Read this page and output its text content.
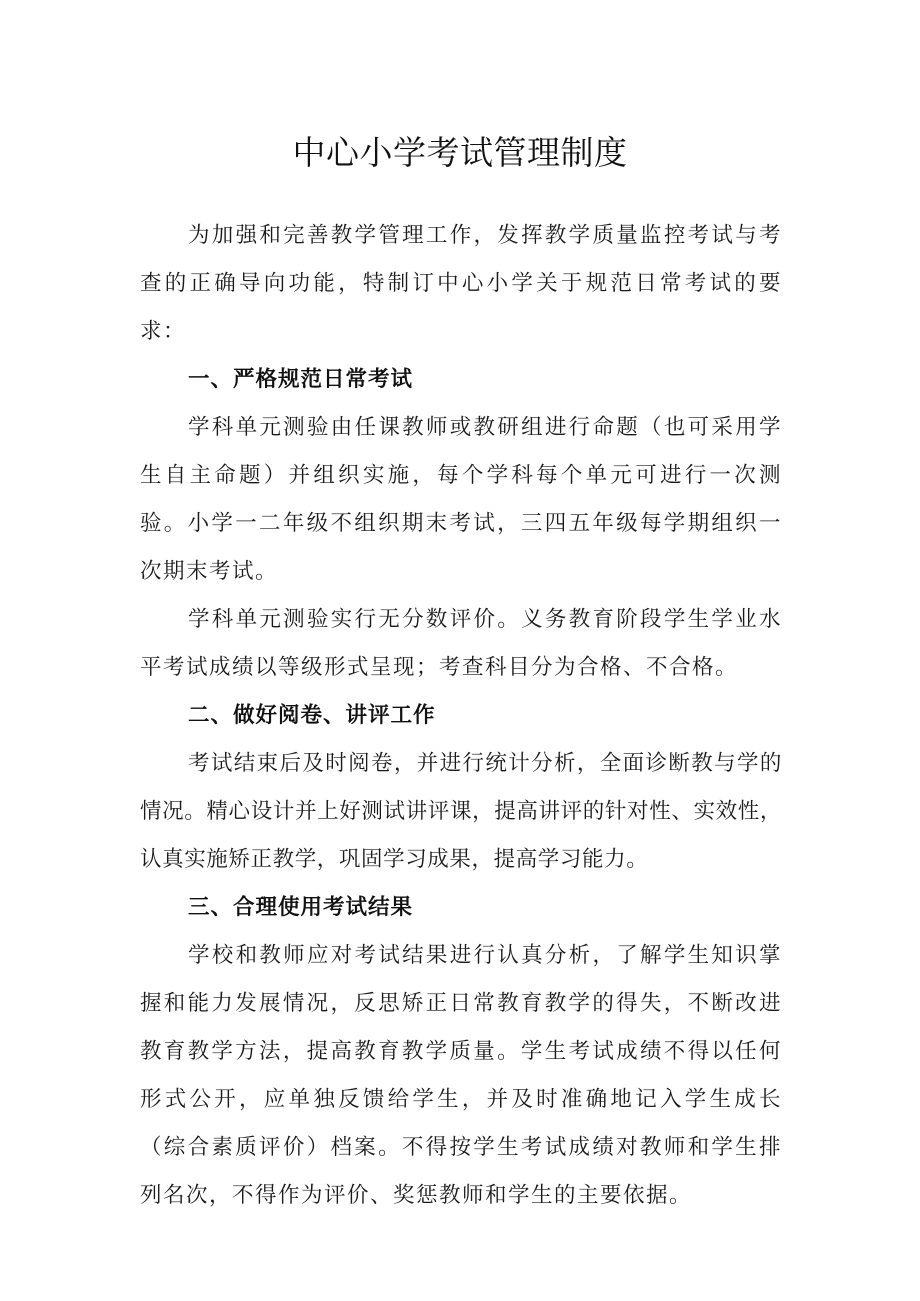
中心小学考试管理制度

为加强和完善教学管理工作，发挥教学质量监控考试与考查的正确导向功能，特制订中心小学关于规范日常考试的要求：

一、严格规范日常考试

学科单元测验由任课教师或教研组进行命题（也可采用学生自主命题）并组织实施，每个学科每个单元可进行一次测验。小学一二年级不组织期末考试，三四五年级每学期组织一次期末考试。

学科单元测验实行无分数评价。义务教育阶段学生学业水平考试成绩以等级形式呈现；考查科目分为合格、不合格。

二、做好阅卷、讲评工作

考试结束后及时阅卷，并进行统计分析，全面诊断教与学的情况。精心设计并上好测试讲评课，提高讲评的针对性、实效性，认真实施矫正教学，巩固学习成果，提高学习能力。

三、合理使用考试结果

学校和教师应对考试结果进行认真分析，了解学生知识掌握和能力发展情况，反思矫正日常教育教学的得失，不断改进教育教学方法，提高教育教学质量。学生考试成绩不得以任何形式公开，应单独反馈给学生，并及时准确地记入学生成长（综合素质评价）档案。不得按学生考试成绩对教师和学生排列名次，不得作为评价、奖惩教师和学生的主要依据。
